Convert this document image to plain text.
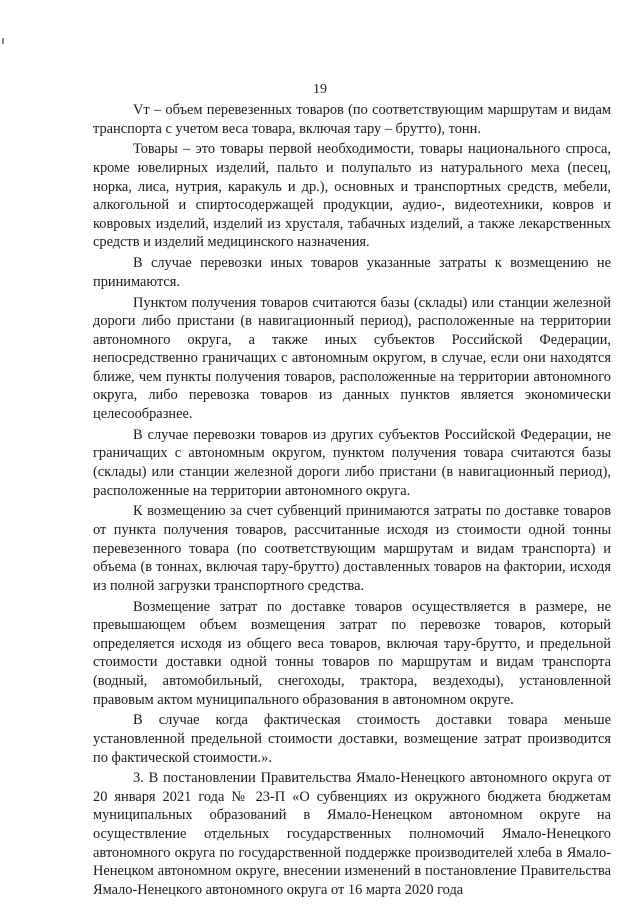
19

Vт – объем перевезенных товаров (по соответствующим маршрутам и видам транспорта с учетом веса товара, включая тару – брутто), тонн.

Товары – это товары первой необходимости, товары национального спроса, кроме ювелирных изделий, пальто и полупальто из натурального меха (песец, норка, лиса, нутрия, каракуль и др.), основных и транспортных средств, мебели, алкогольной и спиртосодержащей продукции, аудио-, видеотехники, ковров и ковровых изделий, изделий из хрусталя, табачных изделий, а также лекарственных средств и изделий медицинского назначения.

В случае перевозки иных товаров указанные затраты к возмещению не принимаются.

Пунктом получения товаров считаются базы (склады) или станции железной дороги либо пристани (в навигационный период), расположенные на территории автономного округа, а также иных субъектов Российской Федерации, непосредственно граничащих с автономным округом, в случае, если они находятся ближе, чем пункты получения товаров, расположенные на территории автономного округа, либо перевозка товаров из данных пунктов является экономически целесообразнее.

В случае перевозки товаров из других субъектов Российской Федерации, не граничащих с автономным округом, пунктом получения товара считаются базы (склады) или станции железной дороги либо пристани (в навигационный период), расположенные на территории автономного округа.

К возмещению за счет субвенций принимаются затраты по доставке товаров от пункта получения товаров, рассчитанные исходя из стоимости одной тонны перевезенного товара (по соответствующим маршрутам и видам транспорта) и объема (в тоннах, включая тару-брутто) доставленных товаров на фактории, исходя из полной загрузки транспортного средства.

Возмещение затрат по доставке товаров осуществляется в размере, не превышающем объем возмещения затрат по перевозке товаров, который определяется исходя из общего веса товаров, включая тару-брутто, и предельной стоимости доставки одной тонны товаров по маршрутам и видам транспорта (водный, автомобильный, снегоходы, трактора, вездеходы), установленной правовым актом муниципального образования в автономном округе.

В случае когда фактическая стоимость доставки товара меньше установленной предельной стоимости доставки, возмещение затрат производится по фактической стоимости.».

3. В постановлении Правительства Ямало-Ненецкого автономного округа от 20 января 2021 года № 23-П «О субвенциях из окружного бюджета бюджетам муниципальных образований в Ямало-Ненецком автономном округе на осуществление отдельных государственных полномочий Ямало-Ненецкого автономного округа по государственной поддержке производителей хлеба в Ямало-Ненецком автономном округе, внесении изменений в постановление Правительства Ямало-Ненецкого автономного округа от 16 марта 2020 года
